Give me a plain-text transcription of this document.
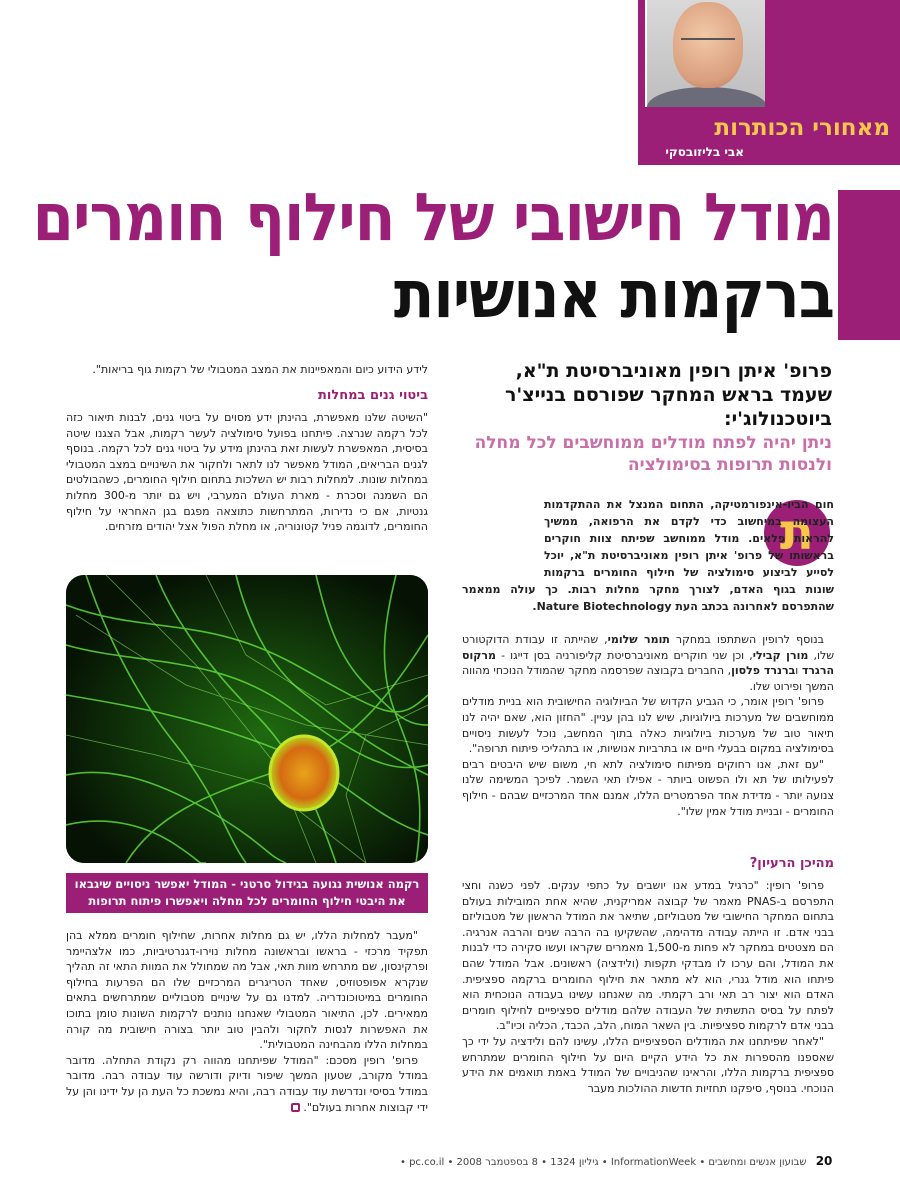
מאחורי הכותרות
אבי בליזובסקי
מודל חישובי של חילוף חומרים
ברקמות אנושיות
פרופ' איתן רופין מאוניברסיטת ת"א, שעמד בראש המחקר שפורסם בנייצ'ר ביוטכנולוג'י:
ניתן יהיה לפתח מודלים ממוחשבים לכל מחלה ולנסות תרופות בסימולציה
ת
חום הביו-אינפורמטיקה, התחום המנצל את ההתקדמות העצומה במיחשוב כדי לקדם את הרפואה, ממשיך להראות פלאים. מודל ממוחשב שפיתח צוות חוקרים בראשותו של פרופ' איתן רופין מאוניברסיטת ת"א, יוכל לסייע לביצוע סימולציה של חילוף החומרים ברקמות שונות בגוף האדם, לצורך מחקר מחלות רבות. כך עולה ממאמר שהתפרסם לאחרונה בכתב העת Nature Biotechnology.

בנוסף לרופין השתתפו במחקר תומר שלומי, שהייתה זו עבודת הדוקטורט שלו, מורן קבילי, וכן שני חוקרים מאוניברסיטת קליפורניה בסן דייגו - מרקוס הרגרד וברנרד פלסון, החברים בקבוצה שפרסמה מחקר שהמודל הנוכחי מהווה המשך ופירוט שלו.

פרופ' רופין אומר, כי הגביע הקדוש של הביולוגיה החישובית הוא בניית מודלים ממוחשבים של מערכות ביולוגיות, שיש לנו בהן עניין. "החזון הוא, שאם יהיה לנו תיאור טוב של מערכות ביולוגיות כאלה בתוך המחשב, נוכל לעשות ניסויים בסימולציה במקום בבעלי חיים או בתרביות אנושיות, או בתהליכי פיתוח תרופה".

"עם זאת, אנו רחוקים מפיתוח סימולציה לתא חי, משום שיש היבטים רבים לפעילותו של תא ולו הפשוט ביותר - אפילו תאי השמר. לפיכך המשימה שלנו צנועה יותר - מדידת אחד הפרמטרים הללו, אמנם אחד המרכזיים שבהם - חילוף החומרים - ובניית מודל אמין שלו".

מהיכן הרעיון?

פרופ' רופין: "כרגיל במדע אנו יושבים על כתפי ענקים. לפני כשנה וחצי התפרסם ב-PNAS מאמר של קבוצה אמריקנית, שהיא אחת המובילות בעולם בתחום המחקר החישובי של מטבוליזם, שתיאר את המודל הראשון של מטבוליזם בבני אדם. זו הייתה עבודה מדהימה, שהשקיעו בה הרבה שנים והרבה אנרגיה. הם מצטטים במחקר לא פחות מ-1,500 מאמרים שקראו ועשו סקירה כדי לבנות את המודל, והם ערכו לו מבדקי תקפות (ולידציה) ראשונים. אבל המודל שהם פיתחו הוא מודל גנרי, הוא לא מתאר את חילוף החומרים ברקמה ספציפית. האדם הוא יצור רב תאי ורב רקמתי. מה שאנחנו עשינו בעבודה הנוכחית הוא לפתח על בסיס התשתית של העבודה שלהם מודלים ספציפיים לחילוף חומרים בבני אדם לרקמות ספציפיות. בין השאר המוח, הלב, הכבד, הכליה וכיו"ב.

"לאחר שפיתחנו את המודלים הספציפיים הללו, עשינו להם ולידציה על ידי כך שאספנו מהספרות את כל הידע הקיים היום על חילוף החומרים שמתרחש ספציפית ברקמות הללו, והראינו שהניבויים של המודל באמת תואמים את הידע הנוכחי. בנוסף, סיפקנו תחזיות חדשות ההולכות מעבר

לידע הידוע כיום והמאפיינות את המצב המטבולי של רקמות גוף בריאות".
ביטוי גנים במחלות
"השיטה שלנו מאפשרת, בהינתן ידע מסוים על ביטוי גנים, לבנות תיאור כזה לכל רקמה שנרצה. פיתחנו בפועל סימולציה לעשר רקמות, אבל הצגנו שיטה בסיסית, המאפשרת לעשות זאת בהינתן מידע על ביטוי גנים לכל רקמה. בנוסף לגנים הבריאים, המודל מאפשר לנו לתאר ולחקור את השינויים במצב המטבולי במחלות שונות. למחלות רבות יש השלכות בתחום חילוף החומרים, כשהבולטים הם השמנה וסכרת - מארת העולם המערבי, ויש גם יותר מ-300 מחלות גנטיות, אם כי נדירות, המתרחשות כתוצאה מפגם בגן האחראי על חילוף החומרים, לדוגמה פניל קטונוריה, או מחלת הפול אצל יהודים מזרחים.
רקמה אנושית נגועה בגידול סרטני - המודל יאפשר ניסויים שיגבאו את היבטי חילוף החומרים לכל מחלה ויאפשרו פיתוח תרופות

"מעבר למחלות הללו, יש גם מחלות אחרות, שחילוף חומרים ממלא בהן תפקיד מרכזי - בראשו ובראשונה מחלות נוירו-דגנרטיביות, כמו אלצהיימר ופרקינסון, שם מתרחש מוות תאי, אבל מה שמחולל את המוות התאי זה תהליך שנקרא אפופטוזיס, שאחד הטריגרים המרכזיים שלו הם הפרעות בחילוף החומרים במיטוכונדריה. למדנו גם על שינויים מטבוליים שמתרחשים בתאים ממאירים. לכן, התיאור המטבולי שאנחנו נותנים לרקמות השונות טומן בתוכו את האפשרות לנסות לחקור ולהבין טוב יותר בצורה חישובית מה קורה במחלות הללו מהבחינה המטבולית".

פרופ' רופין מסכם: "המודל שפיתחנו מהווה רק נקודת התחלה. מדובר במודל מקורב, שטעון המשך שיפור ודיוק ודורשה עוד עבודה רבה. מדובר במודל בסיסי ונדרשת עוד עבודה רבה, והיא נמשכת כל העת הן על ידינו והן על ידי קבוצות אחרות בעולם".

20 שבועון אנשים ומחשבים • InformationWeek • גיליון 1324 • 8 בספטמבר 2008 • pc.co.il •
